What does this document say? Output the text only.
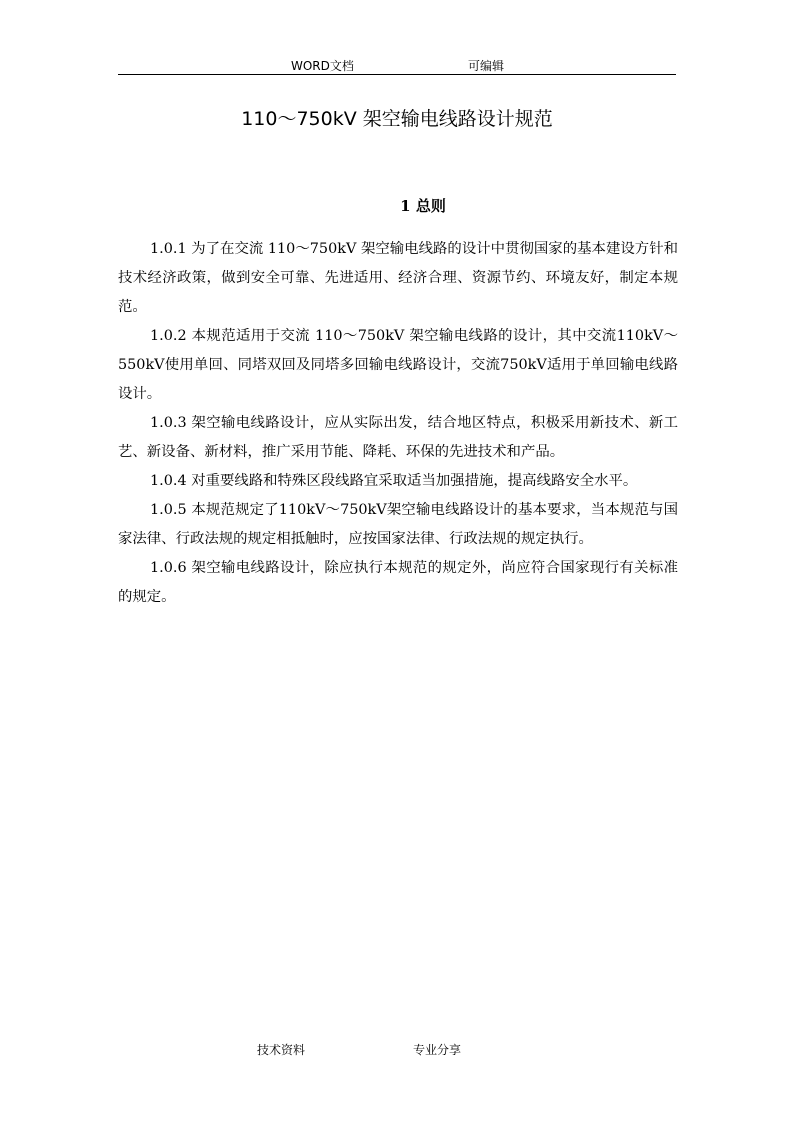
WORD文档	可编辑
110～750kV 架空输电线路设计规范
1 总则

1.0.1 为了在交流 110～750kV 架空输电线路的设计中贯彻国家的基本建设方针和技术经济政策，做到安全可靠、先进适用、经济合理、资源节约、环境友好，制定本规范。

1.0.2 本规范适用于交流 110～750kV 架空输电线路的设计，其中交流110kV～550kV使用单回、同塔双回及同塔多回输电线路设计，交流750kV适用于单回输电线路设计。

1.0.3 架空输电线路设计，应从实际出发，结合地区特点，积极采用新技术、新工艺、新设备、新材料，推广采用节能、降耗、环保的先进技术和产品。

1.0.4 对重要线路和特殊区段线路宜采取适当加强措施，提高线路安全水平。

1.0.5 本规范规定了110kV～750kV架空输电线路设计的基本要求，当本规范与国家法律、行政法规的规定相抵触时，应按国家法律、行政法规的规定执行。

1.0.6 架空输电线路设计，除应执行本规范的规定外，尚应符合国家现行有关标准的规定。

技术资料	专业分享
